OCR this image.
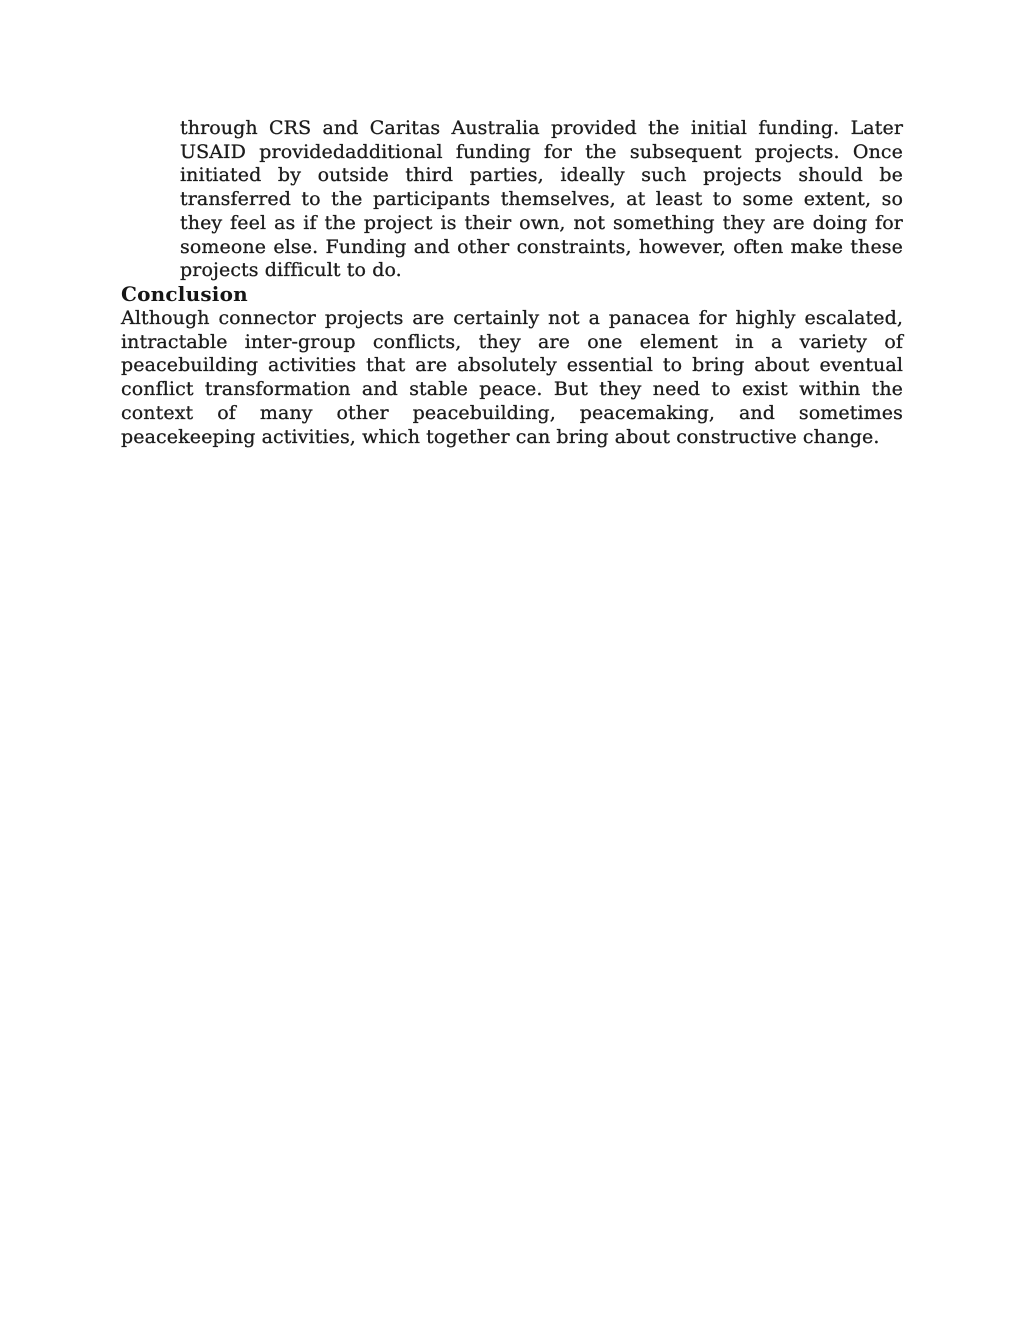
through CRS and Caritas Australia provided the initial funding. Later USAID providedadditional funding for the subsequent projects. Once initiated by outside third parties, ideally such projects should be transferred to the participants themselves, at least to some extent, so they feel as if the project is their own, not something they are doing for someone else. Funding and other constraints, however, often make these projects difficult to do.

Conclusion

Although connector projects are certainly not a panacea for highly escalated, intractable inter-group conflicts, they are one element in a variety of peacebuilding activities that are absolutely essential to bring about eventual conflict transformation and stable peace. But they need to exist within the context of many other peacebuilding, peacemaking, and sometimes peacekeeping activities, which together can bring about constructive change.
